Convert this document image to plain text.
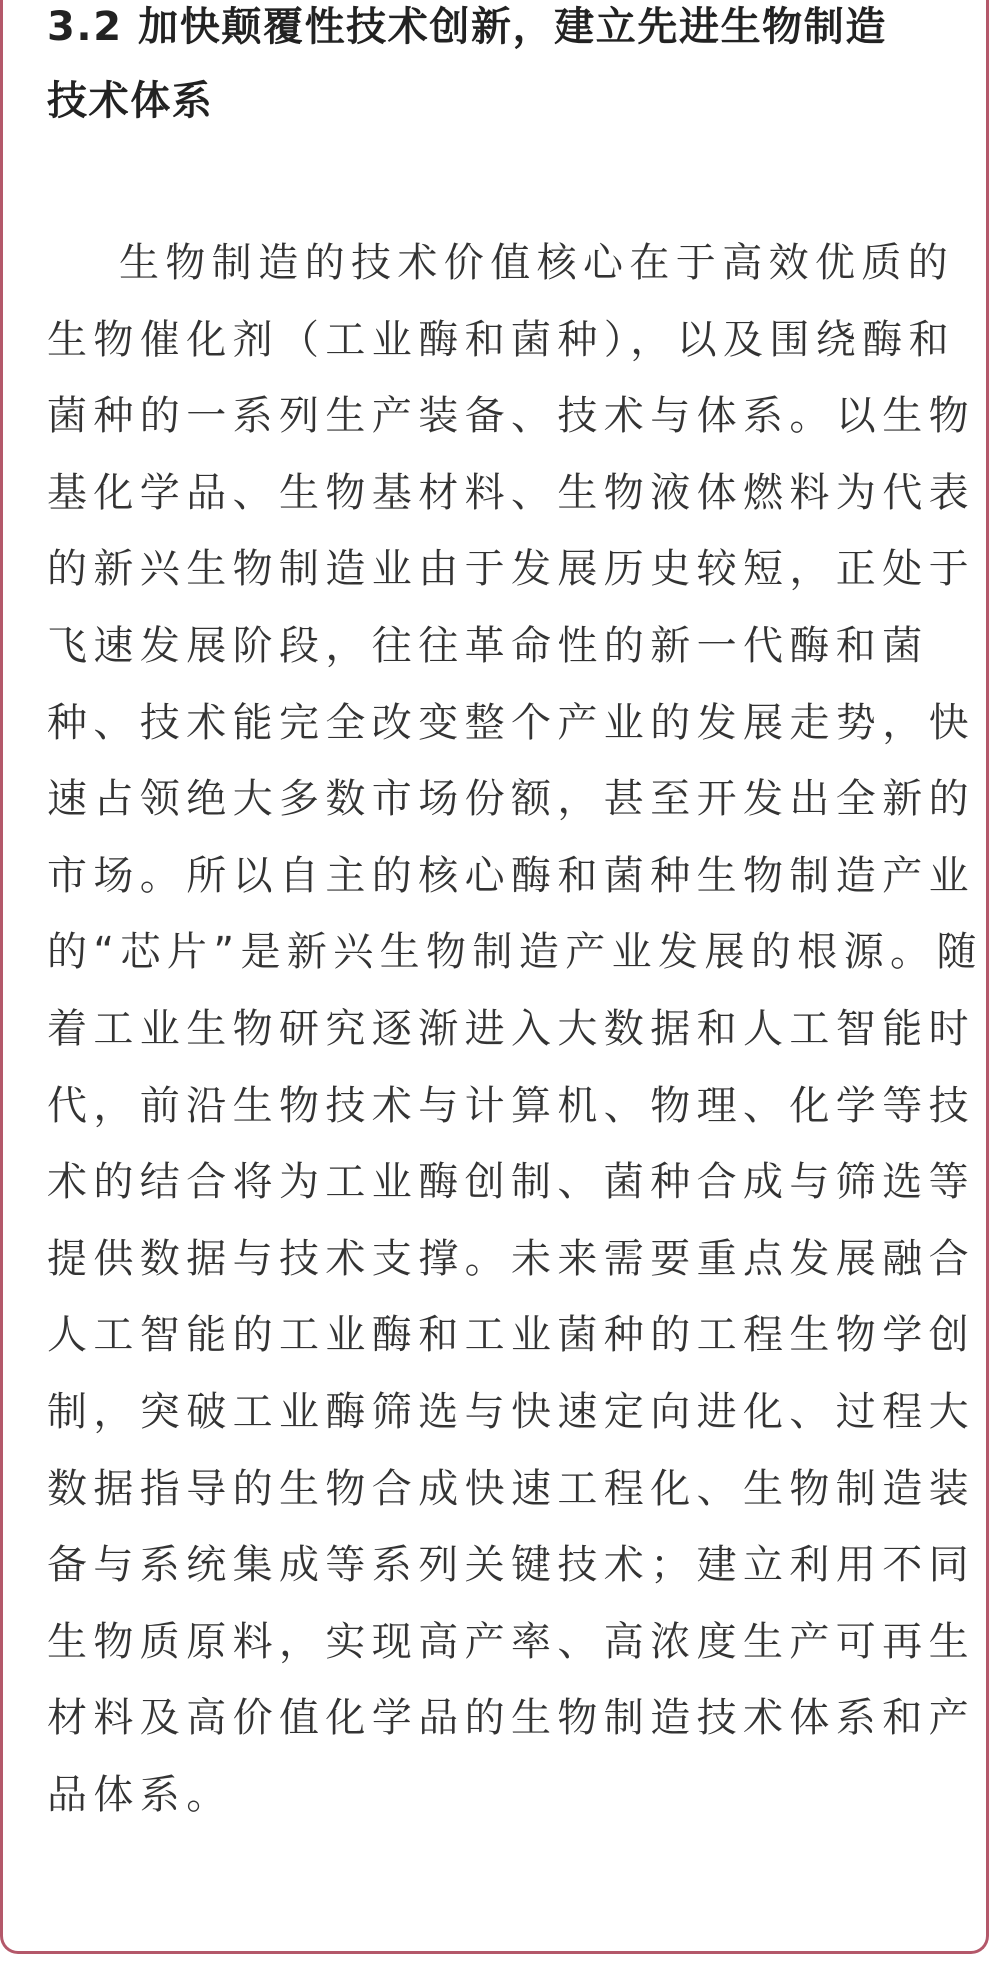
3.2 加快颠覆性技术创新，建立先进生物制造
技术体系

生物制造的技术价值核心在于高效优质的
生物催化剂（工业酶和菌种），以及围绕酶和
菌种的一系列生产装备、技术与体系。以生物
基化学品、生物基材料、生物液体燃料为代表
的新兴生物制造业由于发展历史较短，正处于
飞速发展阶段，往往革命性的新一代酶和菌
种、技术能完全改变整个产业的发展走势，快
速占领绝大多数市场份额，甚至开发出全新的
市场。所以自主的核心酶和菌种生物制造产业
的“芯片”是新兴生物制造产业发展的根源。随
着工业生物研究逐渐进入大数据和人工智能时
代，前沿生物技术与计算机、物理、化学等技
术的结合将为工业酶创制、菌种合成与筛选等
提供数据与技术支撑。未来需要重点发展融合
人工智能的工业酶和工业菌种的工程生物学创
制，突破工业酶筛选与快速定向进化、过程大
数据指导的生物合成快速工程化、生物制造装
备与系统集成等系列关键技术；建立利用不同
生物质原料，实现高产率、高浓度生产可再生
材料及高价值化学品的生物制造技术体系和产
品体系。
